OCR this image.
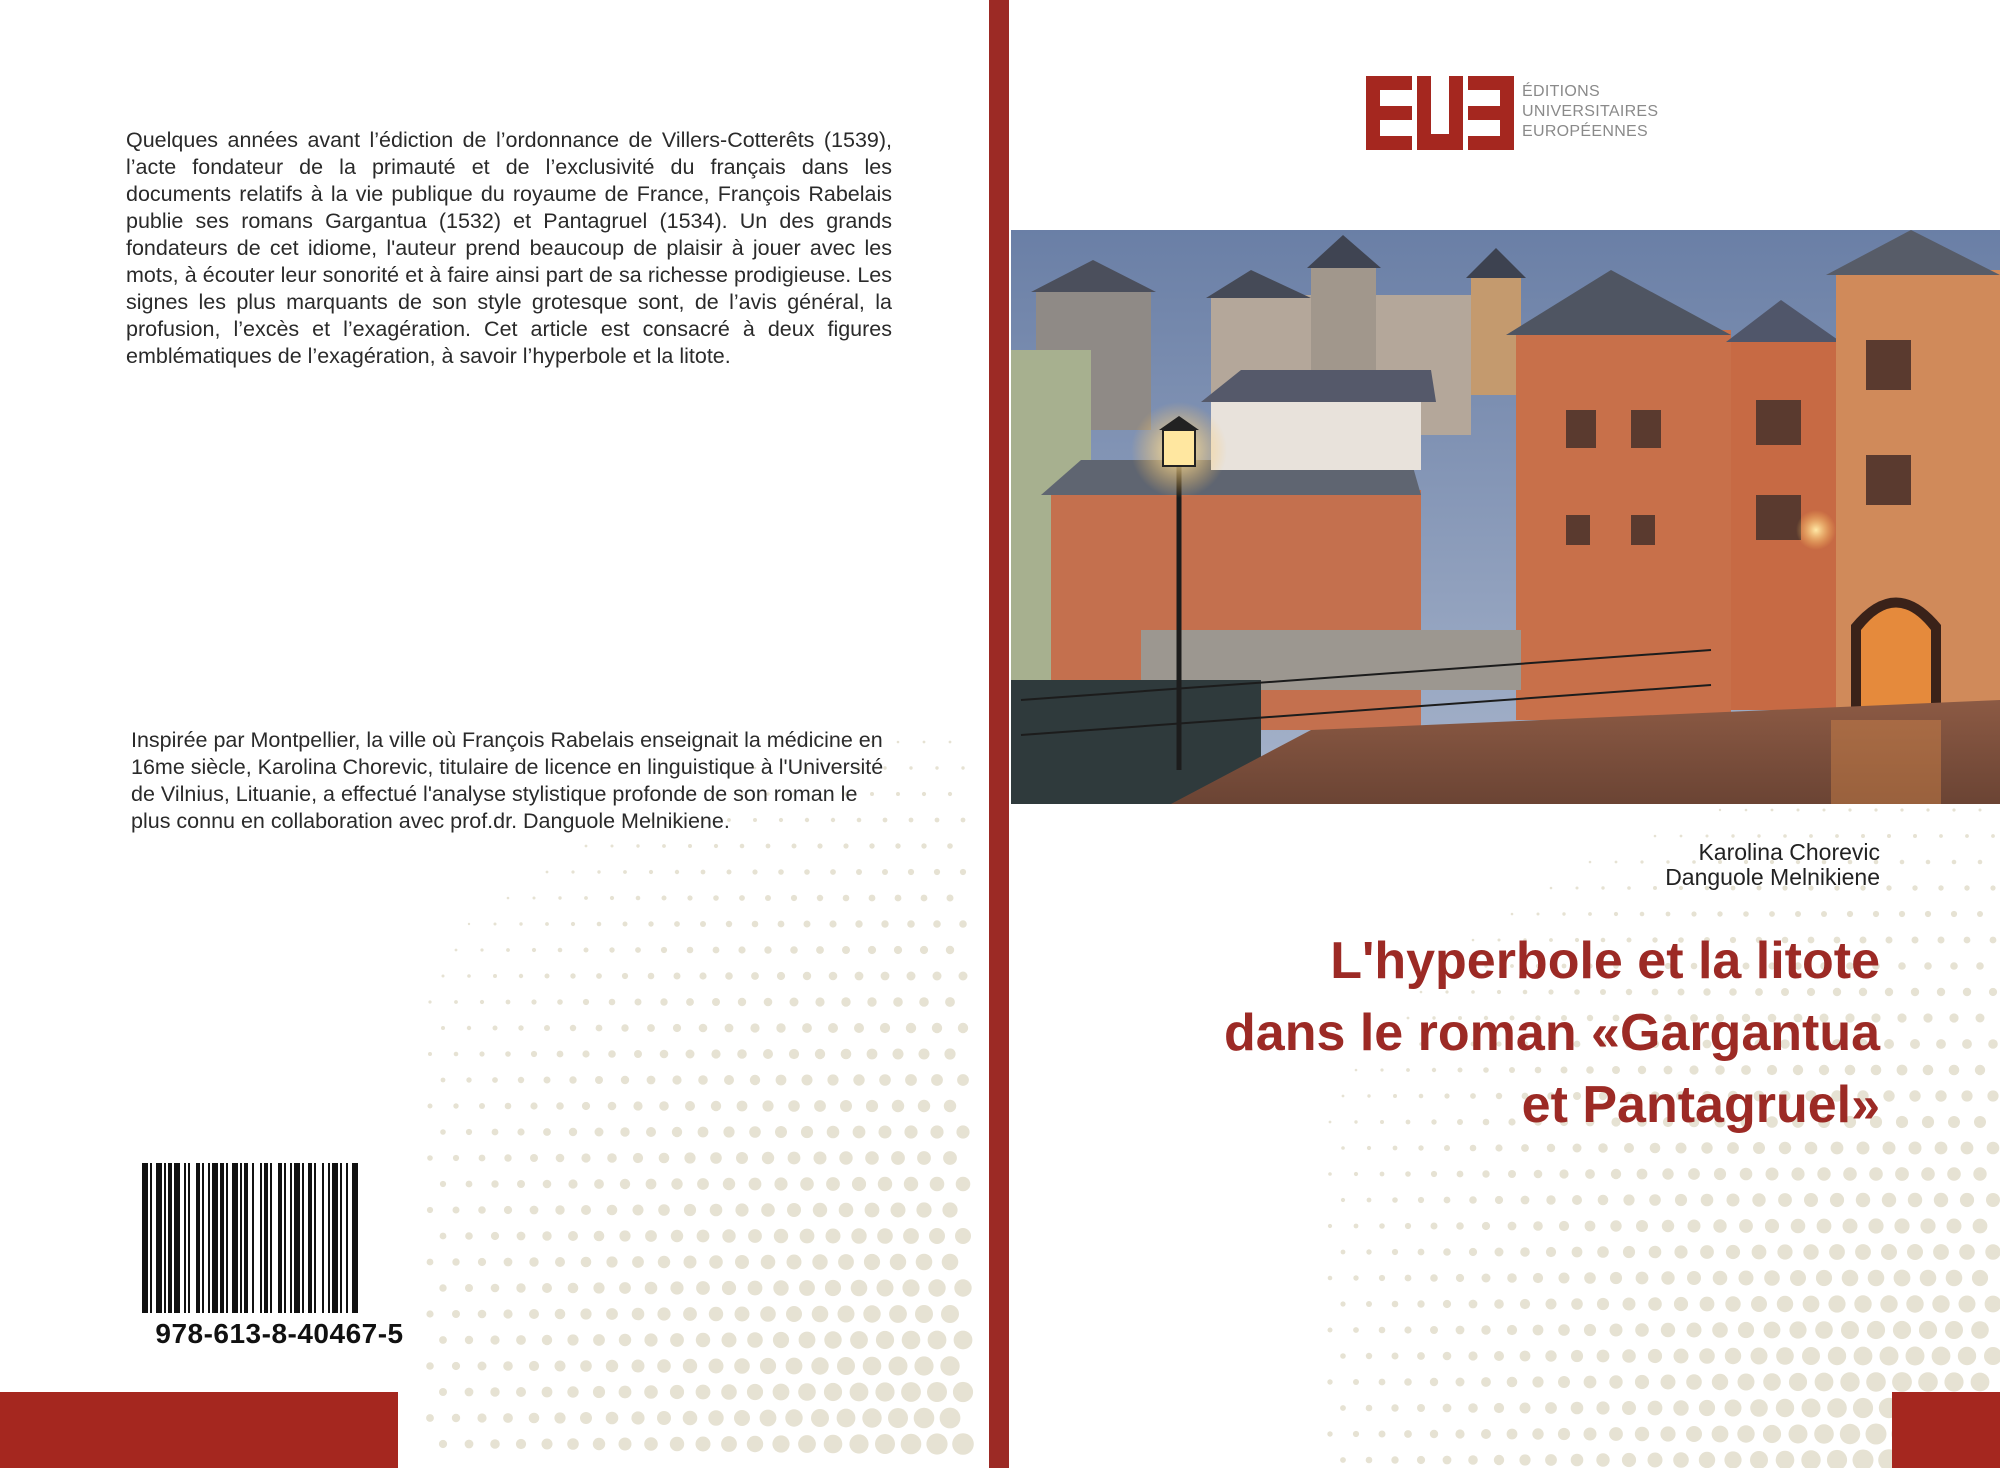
Quelques années avant l’édiction de l’ordonnance de Villers-Cotterêts (1539), l’acte fondateur de la primauté et de l’exclusivité du français dans les documents relatifs à la vie publique du royaume de France, François Rabelais publie ses romans Gargantua (1532) et Pantagruel (1534). Un des grands fondateurs de cet idiome, l'auteur prend beaucoup de plaisir à jouer avec les mots, à écouter leur sonorité et à faire ainsi part de sa richesse prodigieuse. Les signes les plus marquants de son style grotesque sont, de l’avis général, la profusion, l’excès et l’exagération. Cet article est consacré à deux figures emblématiques de l’exagération, à savoir l’hyperbole et la litote.
Inspirée par Montpellier, la ville où François Rabelais enseignait la médicine en 16me siècle, Karolina Chorevic, titulaire de licence en linguistique à l'Université de Vilnius, Lituanie, a effectué l'analyse stylistique profonde de son roman le plus connu en collaboration avec prof.dr. Danguole Melnikiene.
978-613-8-40467-5
ÉDITIONS
UNIVERSITAIRES
EUROPÉENNES
Karolina Chorevic
Danguole Melnikiene
L'hyperbole et la litote
dans le roman «Gargantua
et Pantagruel»
